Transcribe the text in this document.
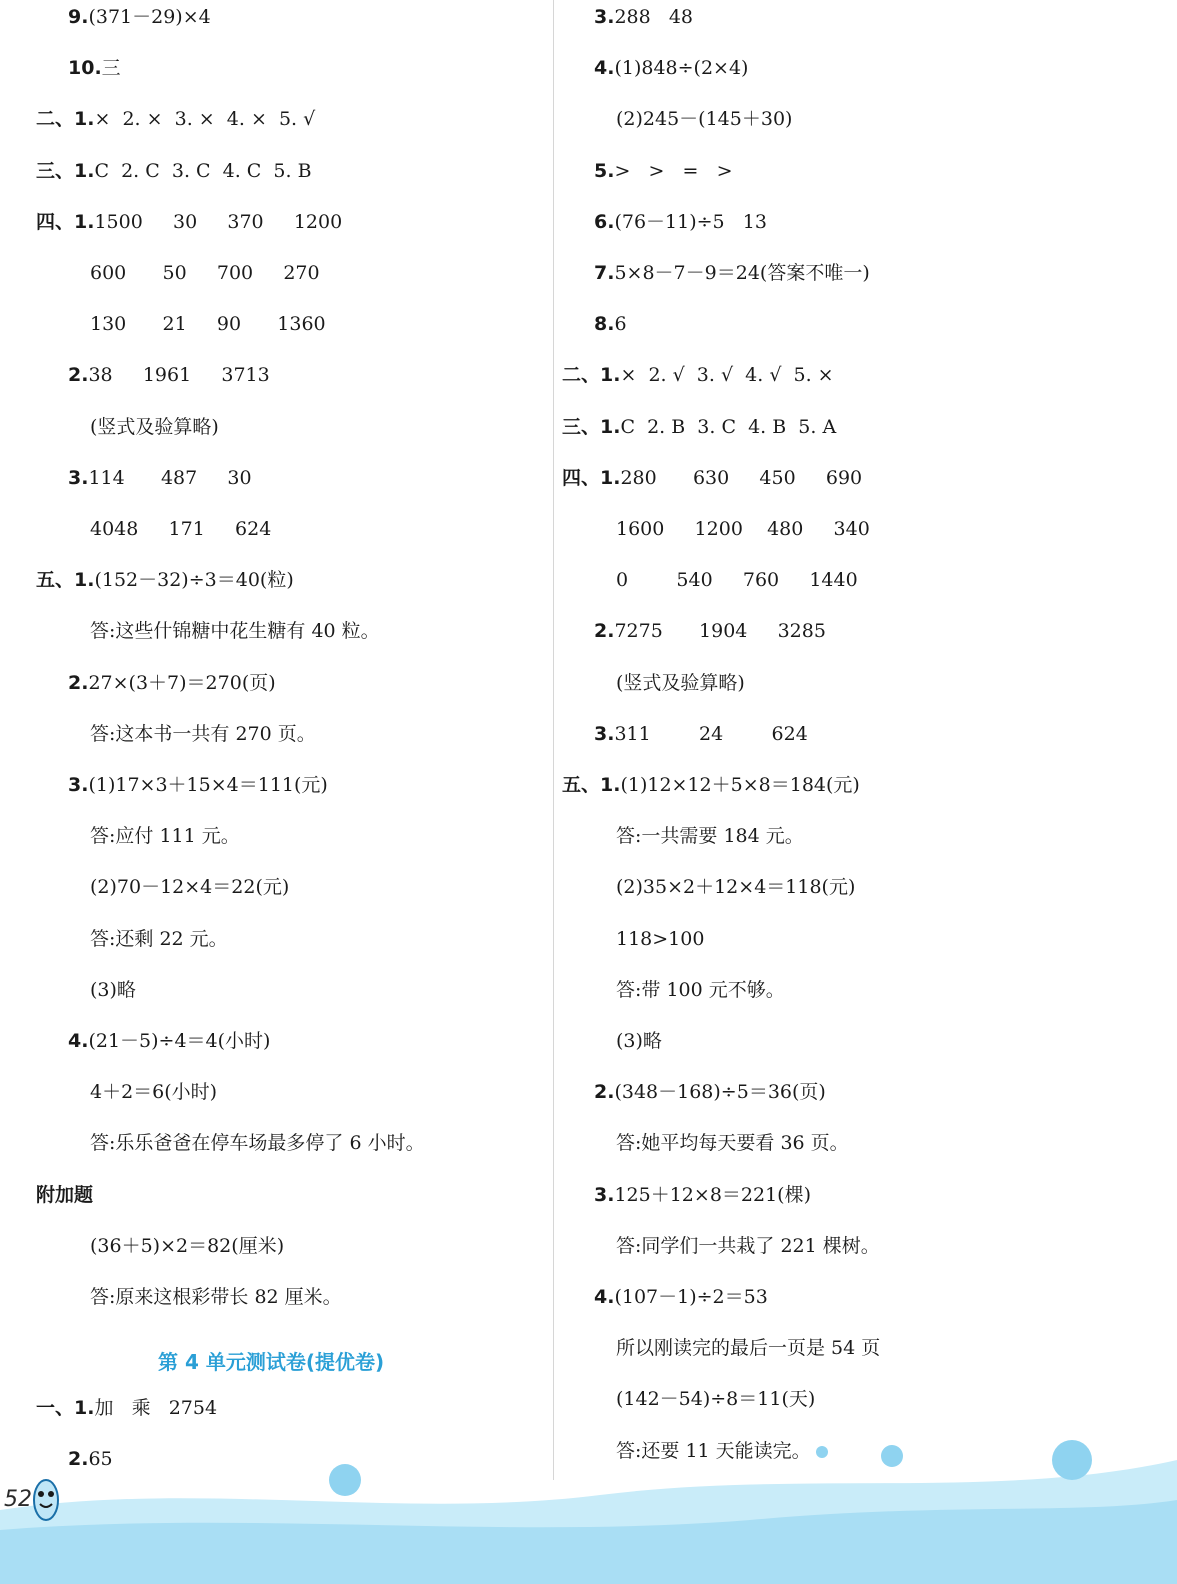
9.(371－29)×4
10.三
二、1.×  2. ×  3. ×  4. ×  5. √
三、1.C  2. C  3. C  4. C  5. B
四、1.1500     30     370     1200
600      50     700     270
130      21     90      1360
2.38     1961     3713
(竖式及验算略)
3.114      487     30
4048     171     624
五、1.(152－32)÷3＝40(粒)
答:这些什锦糖中花生糖有 40 粒。
2.27×(3＋7)＝270(页)
答:这本书一共有 270 页。
3.(1)17×3＋15×4＝111(元)
答:应付 111 元。
(2)70－12×4＝22(元)
答:还剩 22 元。
(3)略
4.(21－5)÷4＝4(小时)
4＋2＝6(小时)
答:乐乐爸爸在停车场最多停了 6 小时。
附加题
(36＋5)×2＝82(厘米)
答:原来这根彩带长 82 厘米。
一、1.加   乘   2754
2.65
3.288   48
4.(1)848÷(2×4)
(2)245－(145＋30)
5.>   >   =   >
6.(76－11)÷5   13
7.5×8－7－9＝24(答案不唯一)
8.6
二、1.×  2. √  3. √  4. √  5. ×
三、1.C  2. B  3. C  4. B  5. A
四、1.280      630     450     690
1600     1200    480     340
0        540     760     1440
2.7275      1904     3285
(竖式及验算略)
3.311        24        624
五、1.(1)12×12＋5×8＝184(元)
答:一共需要 184 元。
(2)35×2＋12×4＝118(元)
118>100
答:带 100 元不够。
(3)略
2.(348－168)÷5＝36(页)
答:她平均每天要看 36 页。
3.125＋12×8＝221(棵)
答:同学们一共栽了 221 棵树。
4.(107－1)÷2＝53
所以刚读完的最后一页是 54 页
(142－54)÷8＝11(天)
答:还要 11 天能读完。
第 4 单元测试卷(提优卷)
52
